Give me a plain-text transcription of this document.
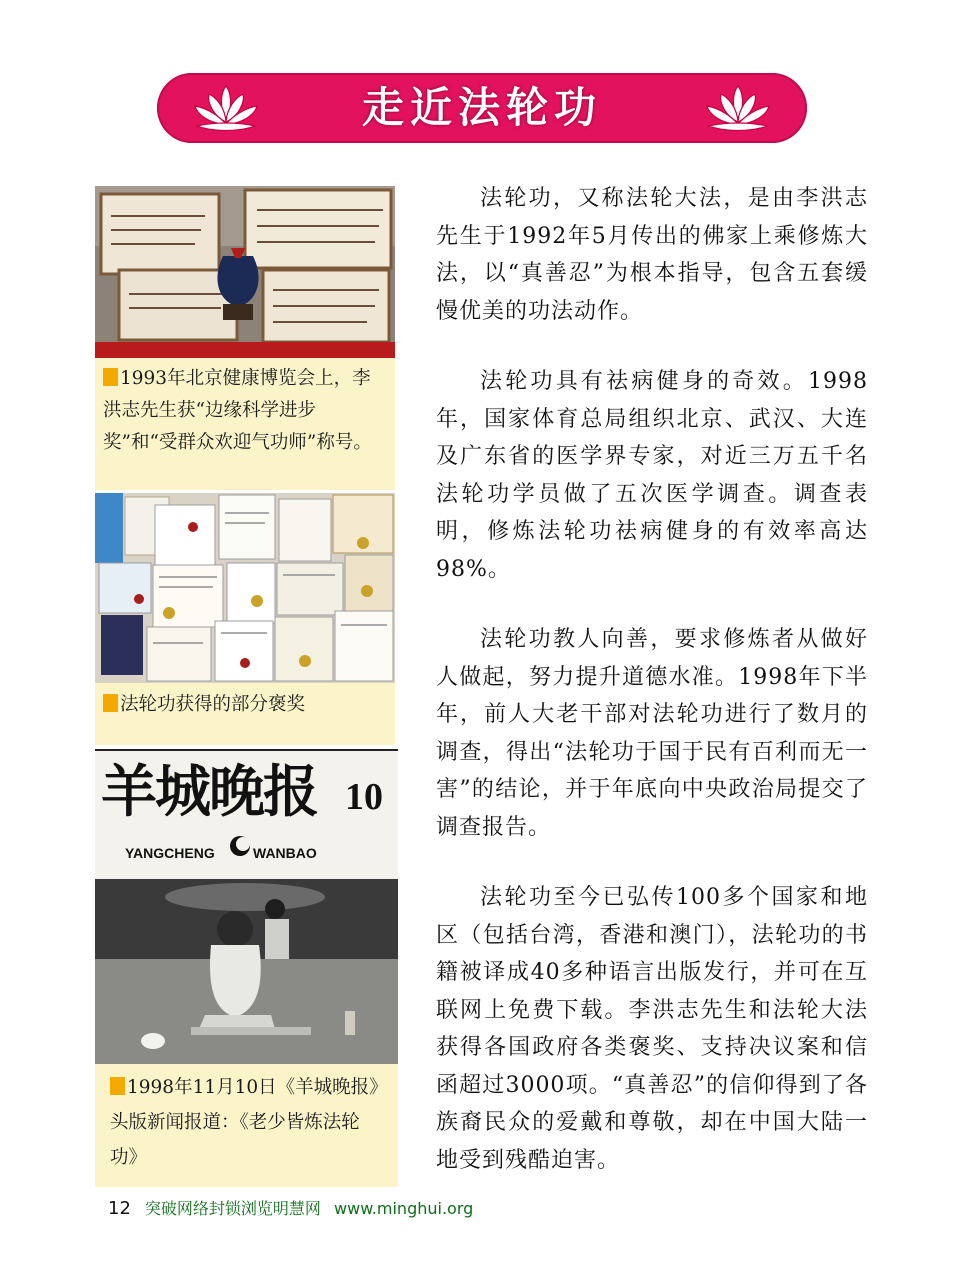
走近法轮功
1993年北京健康博览会上，李洪志先生获“边缘科学进步奖”和“受群众欢迎气功师”称号。
法轮功获得的部分褒奖
羊城晚报 10
YANGCHENG	WANBAO
1998年11月10日《羊城晚报》头版新闻报道：《老少皆炼法轮功》

法轮功，又称法轮大法，是由李洪志先生于1992年5月传出的佛家上乘修炼大法，以“真善忍”为根本指导，包含五套缓慢优美的功法动作。

法轮功具有祛病健身的奇效。1998年，国家体育总局组织北京、武汉、大连及广东省的医学界专家，对近三万五千名法轮功学员做了五次医学调查。调查表明，修炼法轮功祛病健身的有效率高达98%。

法轮功教人向善，要求修炼者从做好人做起，努力提升道德水准。1998年下半年，前人大老干部对法轮功进行了数月的调查，得出“法轮功于国于民有百利而无一害”的结论，并于年底向中央政治局提交了调查报告。

法轮功至今已弘传100多个国家和地区（包括台湾，香港和澳门），法轮功的书籍被译成40多种语言出版发行，并可在互联网上免费下载。李洪志先生和法轮大法获得各国政府各类褒奖、支持决议案和信函超过3000项。“真善忍”的信仰得到了各族裔民众的爱戴和尊敬，却在中国大陆一地受到残酷迫害。

12 突破网络封锁浏览明慧网 www.minghui.org
